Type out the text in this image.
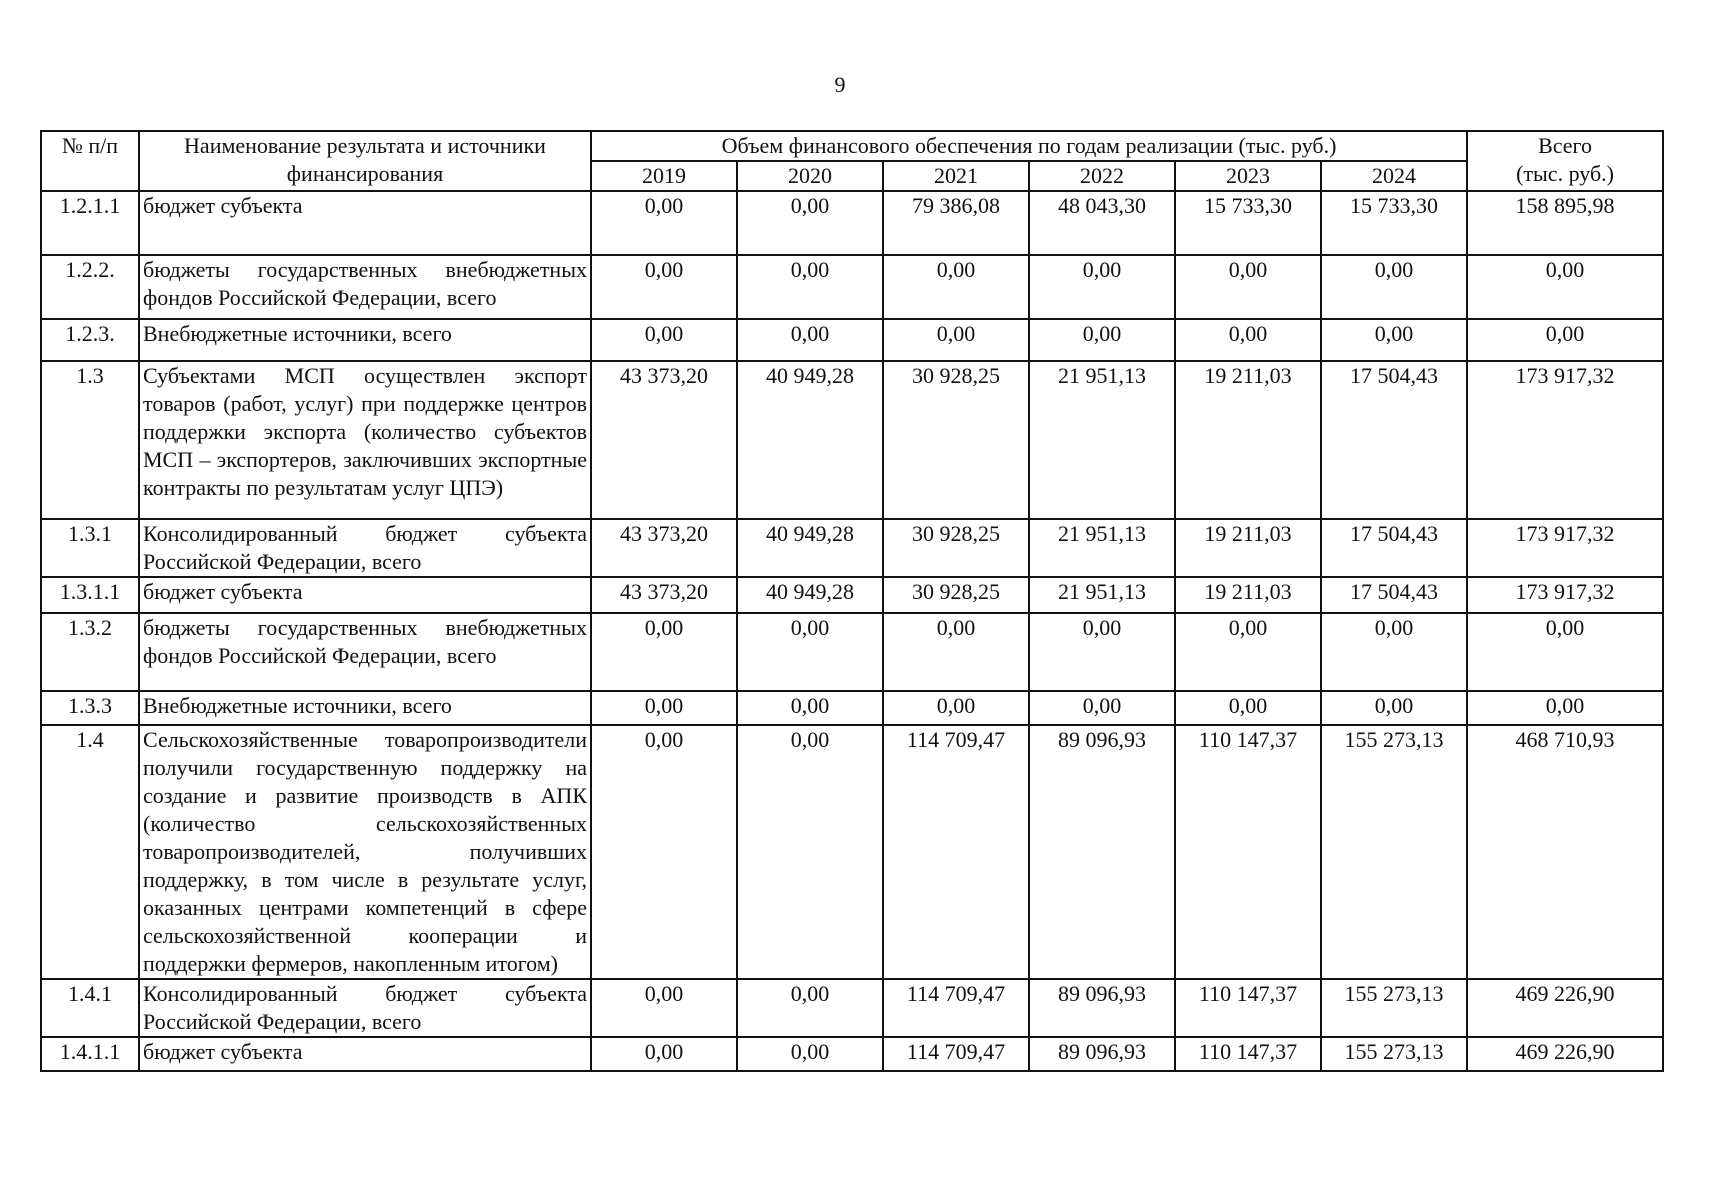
9
№ п/п	Наименование результата и источники финансирования	Объем финансового обеспечения по годам реализации (тыс. руб.)						Всего
(тыс. руб.)

		2019	2020	2021	2022	2023	2024	
1.2.1.1	бюджет субъекта	0,00	0,00	79 386,08	48 043,30	15 733,30	15 733,30	158 895,98
1.2.2.	бюджеты государственных внебюджетных фондов Российской Федерации, всего	0,00	0,00	0,00	0,00	0,00	0,00	0,00
1.2.3.	Внебюджетные источники, всего	0,00	0,00	0,00	0,00	0,00	0,00	0,00
1.3	Субъектами МСП осуществлен экспорт товаров (работ, услуг) при поддержке центров поддержки экспорта (количество субъектов МСП – экспортеров, заключивших экспортные контракты по результатам услуг ЦПЭ)	43 373,20	40 949,28	30 928,25	21 951,13	19 211,03	17 504,43	173 917,32
1.3.1	Консолидированный бюджет субъекта Российской Федерации, всего	43 373,20	40 949,28	30 928,25	21 951,13	19 211,03	17 504,43	173 917,32
1.3.1.1	бюджет субъекта	43 373,20	40 949,28	30 928,25	21 951,13	19 211,03	17 504,43	173 917,32
1.3.2	бюджеты государственных внебюджетных фондов Российской Федерации, всего	0,00	0,00	0,00	0,00	0,00	0,00	0,00
1.3.3	Внебюджетные источники, всего	0,00	0,00	0,00	0,00	0,00	0,00	0,00
1.4	Сельскохозяйственные товаропроизводители получили государственную поддержку на создание и развитие производств в АПК (количество сельскохозяйственных товаропроизводителей, получивших поддержку, в том числе в результате услуг, оказанных центрами компетенций в сфере сельскохозяйственной кооперации и поддержки фермеров, накопленным итогом)	0,00	0,00	114 709,47	89 096,93	110 147,37	155 273,13	468 710,93
1.4.1	Консолидированный бюджет субъекта Российской Федерации, всего	0,00	0,00	114 709,47	89 096,93	110 147,37	155 273,13	469 226,90
1.4.1.1	бюджет субъекта	0,00	0,00	114 709,47	89 096,93	110 147,37	155 273,13	469 226,90
